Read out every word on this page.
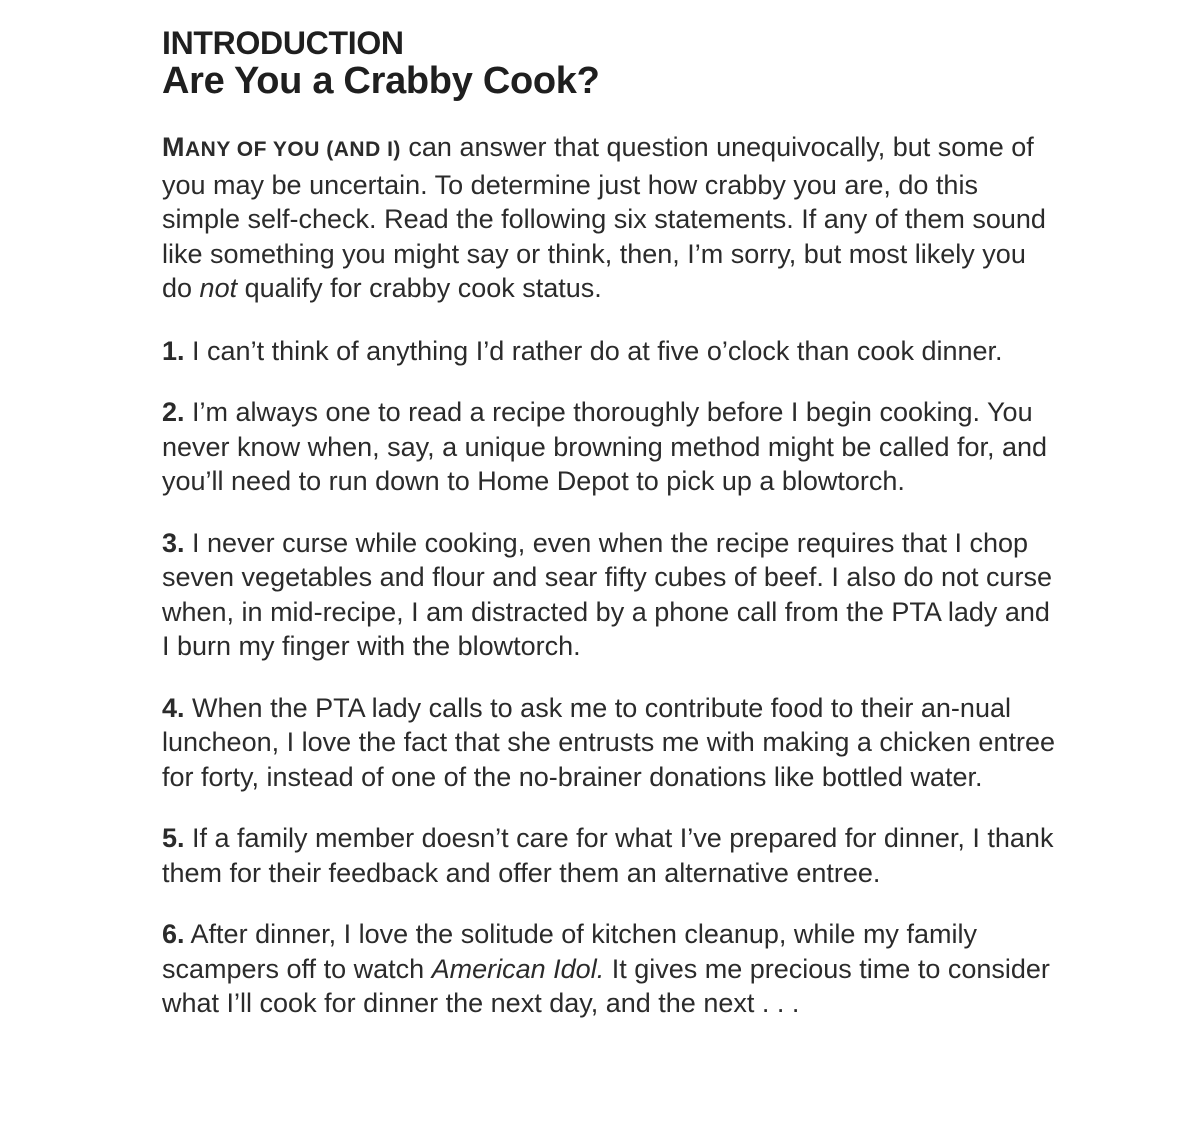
INTRODUCTION
Are You a Crabby Cook?

MANY OF YOU (AND I) can answer that question unequivocally, but some of you may be uncertain. To determine just how crabby you are, do this simple self-check. Read the following six statements. If any of them sound like something you might say or think, then, I’m sorry, but most likely you do not qualify for crabby cook status.

1. I can’t think of anything I’d rather do at five o’clock than cook dinner.

2. I’m always one to read a recipe thoroughly before I begin cooking. You never know when, say, a unique browning method might be called for, and you’ll need to run down to Home Depot to pick up a blowtorch.

3. I never curse while cooking, even when the recipe requires that I chop seven vegetables and flour and sear fifty cubes of beef. I also do not curse when, in mid-recipe, I am distracted by a phone call from the PTA lady and I burn my finger with the blowtorch.

4. When the PTA lady calls to ask me to contribute food to their an-nual luncheon, I love the fact that she entrusts me with making a chicken entree for forty, instead of one of the no-brainer donations like bottled water.

5. If a family member doesn’t care for what I’ve prepared for dinner, I thank them for their feedback and offer them an alternative entree.

6. After dinner, I love the solitude of kitchen cleanup, while my family scampers off to watch American Idol. It gives me precious time to consider what I’ll cook for dinner the next day, and the next . . .
